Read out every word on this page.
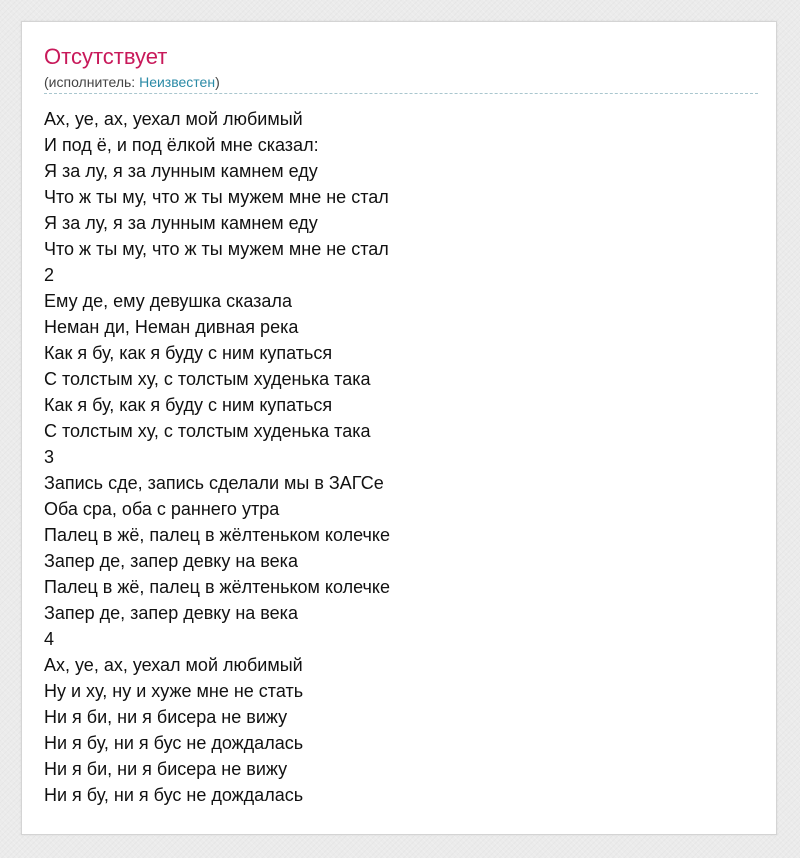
Отсутствует
(исполнитель: Неизвестен)
Ах, уе, ах, уехал мой любимый
И под ё, и под ёлкой мне сказал:
Я за лу, я за лунным камнем еду
Что ж ты му, что ж ты мужем мне не стал
Я за лу, я за лунным камнем еду
Что ж ты му, что ж ты мужем мне не стал
2
Ему де, ему девушка сказала
Неман ди, Неман дивная река
Как я бу, как я буду с ним купаться
С толстым ху, с толстым худенька така
Как я бу, как я буду с ним купаться
С толстым ху, с толстым худенька така
3
Запись сде, запись сделали мы в ЗАГСе
Оба сра, оба с раннего утра
Палец в жё, палец в жёлтеньком колечке
Запер де, запер девку на века
Палец в жё, палец в жёлтеньком колечке
Запер де, запер девку на века
4
Ах, уе, ах, уехал мой любимый
Ну и ху, ну и хуже мне не стать
Ни я би, ни я бисера не вижу
Ни я бу, ни я бус не дождалась
Ни я би, ни я бисера не вижу
Ни я бу, ни я бус не дождалась
